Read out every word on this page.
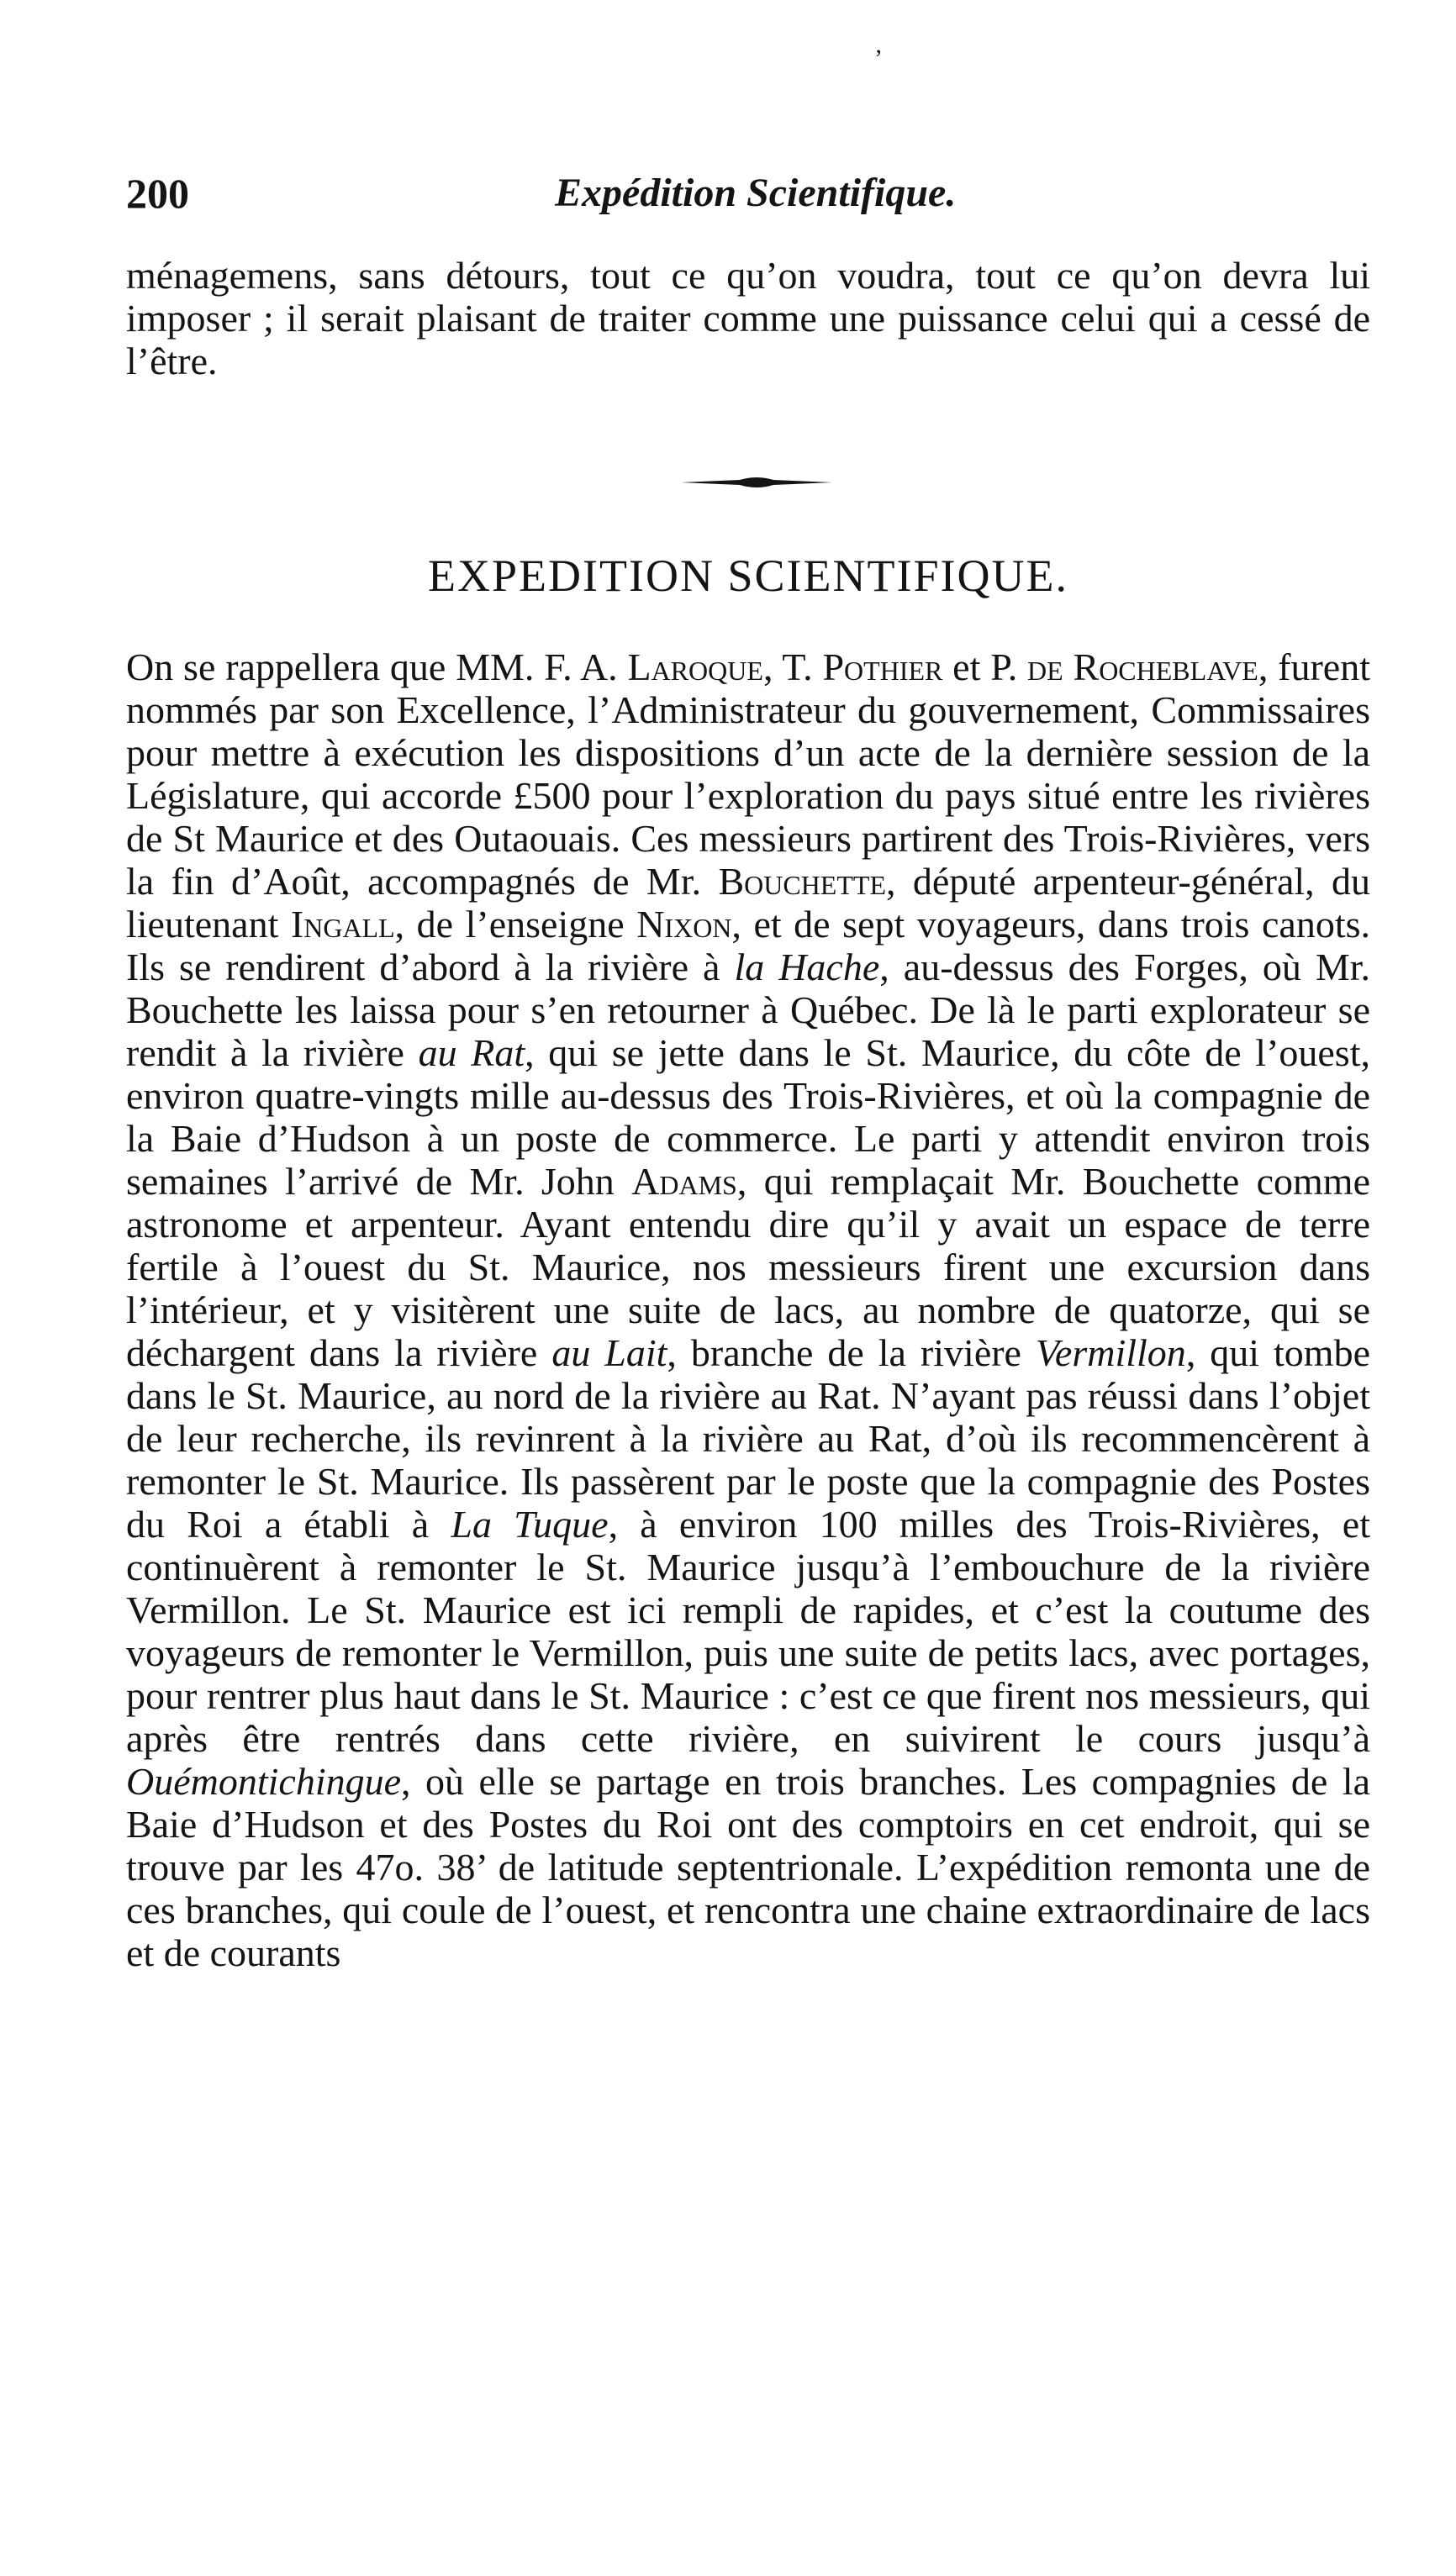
’
200	Expédition Scientifique.

ménagemens, sans détours, tout ce qu’on voudra, tout ce qu’on devra lui imposer ; il serait plaisant de traiter comme une puissance celui qui a cessé de l’être.

EXPEDITION SCIENTIFIQUE.

On se rappellera que MM. F. A. Laroque, T. Pothier et P. de Rocheblave, furent nommés par son Excellence, l’Administrateur du gouvernement, Commissaires pour mettre à exécution les dispositions d’un acte de la dernière session de la Législature, qui accorde £500 pour l’exploration du pays situé entre les rivières de St Maurice et des Outaouais. Ces messieurs partirent des Trois-Rivières, vers la fin d’Août, accompagnés de Mr. Bouchette, député arpenteur-général, du lieutenant Ingall, de l’enseigne Nixon, et de sept voyageurs, dans trois canots. Ils se rendirent d’abord à la rivière à la Hache, au-dessus des Forges, où Mr. Bouchette les laissa pour s’en retourner à Québec. De là le parti explorateur se rendit à la rivière au Rat, qui se jette dans le St. Maurice, du côte de l’ouest, environ quatre-vingts mille au-dessus des Trois-Rivières, et où la compagnie de la Baie d’Hudson à un poste de commerce. Le parti y attendit environ trois semaines l’arrivé de Mr. John Adams, qui remplaçait Mr. Bouchette comme astronome et arpenteur. Ayant entendu dire qu’il y avait un espace de terre fertile à l’ouest du St. Maurice, nos messieurs firent une excursion dans l’intérieur, et y visitèrent une suite de lacs, au nombre de quatorze, qui se déchargent dans la rivière au Lait, branche de la rivière Vermillon, qui tombe dans le St. Maurice, au nord de la rivière au Rat. N’ayant pas réussi dans l’objet de leur recherche, ils revinrent à la rivière au Rat, d’où ils recommencèrent à remonter le St. Maurice. Ils passèrent par le poste que la compagnie des Postes du Roi a établi à La Tuque, à environ 100 milles des Trois-Rivières, et continuèrent à remonter le St. Maurice jusqu’à l’embouchure de la rivière Vermillon. Le St. Maurice est ici rempli de rapides, et c’est la coutume des voyageurs de remonter le Vermillon, puis une suite de petits lacs, avec portages, pour rentrer plus haut dans le St. Maurice : c’est ce que firent nos messieurs, qui après être rentrés dans cette rivière, en suivirent le cours jusqu’à Ouémontichingue, où elle se partage en trois branches. Les compagnies de la Baie d’Hudson et des Postes du Roi ont des comptoirs en cet endroit, qui se trouve par les 47o. 38’ de latitude septentrionale. L’expédition remonta une de ces branches, qui coule de l’ouest, et rencontra une chaine extraordinaire de lacs et de courants
